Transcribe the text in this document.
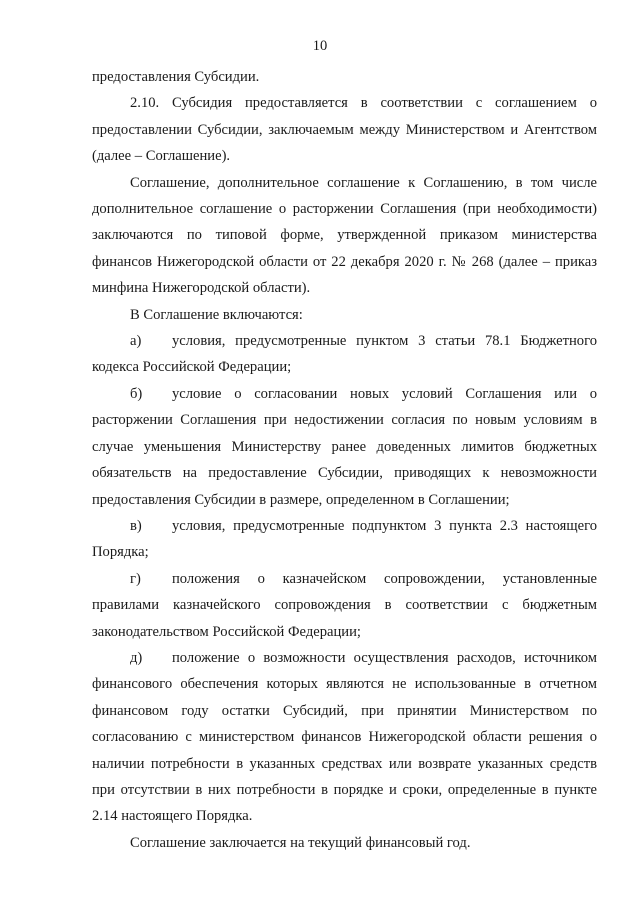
10

предоставления Субсидии.

2.10. Субсидия предоставляется в соответствии с соглашением о предоставлении Субсидии, заключаемым между Министерством и Агентством (далее – Соглашение).

Соглашение, дополнительное соглашение к Соглашению, в том числе дополнительное соглашение о расторжении Соглашения (при необходимости) заключаются по типовой форме, утвержденной приказом министерства финансов Нижегородской области от 22 декабря 2020 г. № 268 (далее – приказ минфина Нижегородской области).

В Соглашение включаются:

а) условия, предусмотренные пунктом 3 статьи 78.1 Бюджетного кодекса Российской Федерации;

б) условие о согласовании новых условий Соглашения или о расторжении Соглашения при недостижении согласия по новым условиям в случае уменьшения Министерству ранее доведенных лимитов бюджетных обязательств на предоставление Субсидии, приводящих к невозможности предоставления Субсидии в размере, определенном в Соглашении;

в) условия, предусмотренные подпунктом 3 пункта 2.3 настоящего Порядка;

г) положения о казначейском сопровождении, установленные правилами казначейского сопровождения в соответствии с бюджетным законодательством Российской Федерации;

д) положение о возможности осуществления расходов, источником финансового обеспечения которых являются не использованные в отчетном финансовом году остатки Субсидий, при принятии Министерством по согласованию с министерством финансов Нижегородской области решения о наличии потребности в указанных средствах или возврате указанных средств при отсутствии в них потребности в порядке и сроки, определенные в пункте 2.14 настоящего Порядка.

Соглашение заключается на текущий финансовый год.
